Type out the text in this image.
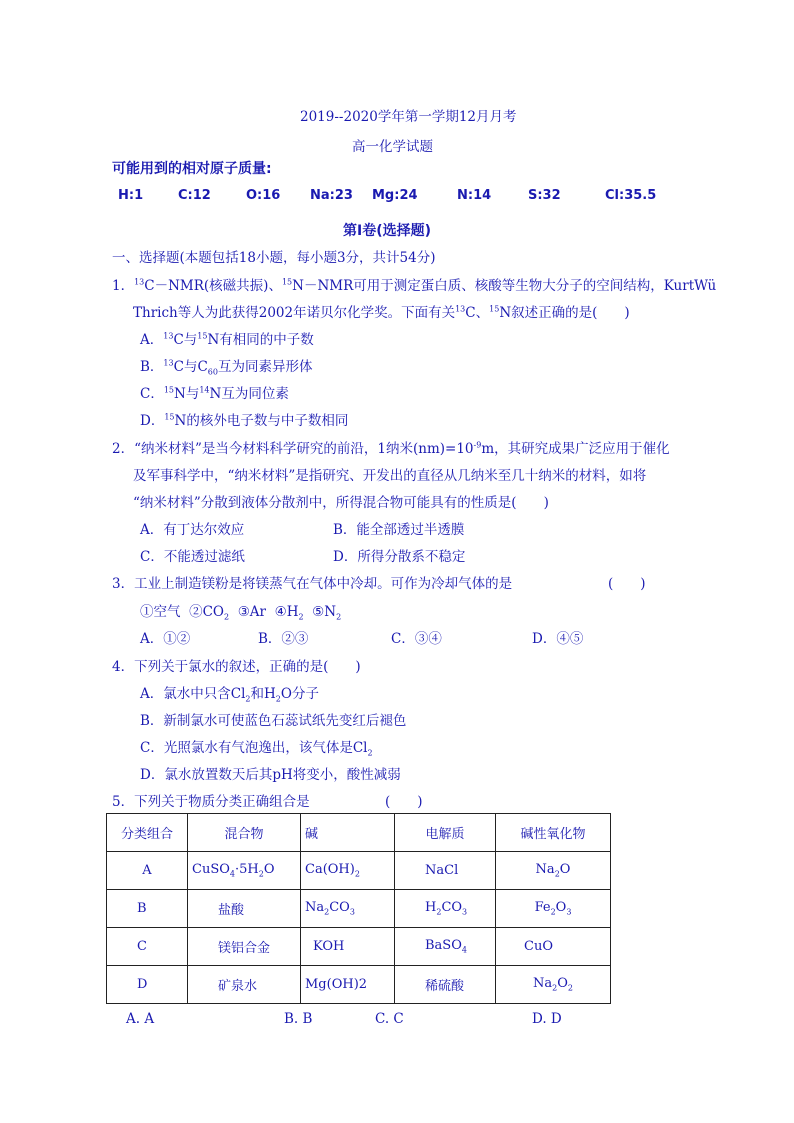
2019--2020学年第一学期12月月考
高一化学试题
可能用到的相对原子质量:
H:1	C:12	O:16 Na:23 Mg:24	N:14	S:32	Cl:35.5
第Ⅰ卷(选择题)
一、选择题(本题包括18小题，每小题3分，共计54分)
1．$^{13}$C－NMR(核磁共振)、$^{15}$N－NMR可用于测定蛋白质、核酸等生物大分子的空间结构，KurtWü
Thrich等人为此获得2002年诺贝尔化学奖。下面有关$^{13}$C、$^{15}$N叙述正确的是(　　)
A．$^{13}$C与$^{15}$N有相同的中子数
B．$^{13}$C与$C_{60}$互为同素异形体
C．$^{15}$N与$^{14}$N互为同位素
D．$^{15}$N的核外电子数与中子数相同
2．“纳米材料”是当今材料科学研究的前沿，1纳米$(nm)=10^{-9}m$，其研究成果广泛应用于催化
及军事科学中，“纳米材料”是指研究、开发出的直径从几纳米至几十纳米的材料，如将
“纳米材料”分散到液体分散剂中，所得混合物可能具有的性质是(　　)
A．有丁达尔效应	B．能全部透过半透膜
C．不能透过滤纸	D．所得分散系不稳定
3．工业上制造镁粉是将镁蒸气在气体中冷却。可作为冷却气体的是	(　　)
①空气 $②CO_2$ ③Ar $④H_2$ $⑤N_2$
A．①②	B．②③	C．③④	D．④⑤
4．下列关于氯水的叙述，正确的是(　　)
A．氯水中只含$Cl_2$和$H_2O$分子
B．新制氯水可使蓝色石蕊试纸先变红后褪色
C．光照氯水有气泡逸出，该气体是$Cl_2$
D．氯水放置数天后其pH将变小，酸性减弱
5．下列关于物质分类正确组合是	(　　)
分类组合	混合物	碱	电解质	碱性氧化物
A	$CuSO_4\cdot 5H_2O$	$Ca(OH)_2$	NaCl	$Na_2O$
B	盐酸	$Na_2CO_3$	$H_2CO_3$	$Fe_2O_3$
C	镁铝合金	KOH	BaSO$_4$	CuO
D	矿泉水	Mg(OH)2	稀硫酸	$Na_2O_2$
A. A	B. B	C. C	D. D
